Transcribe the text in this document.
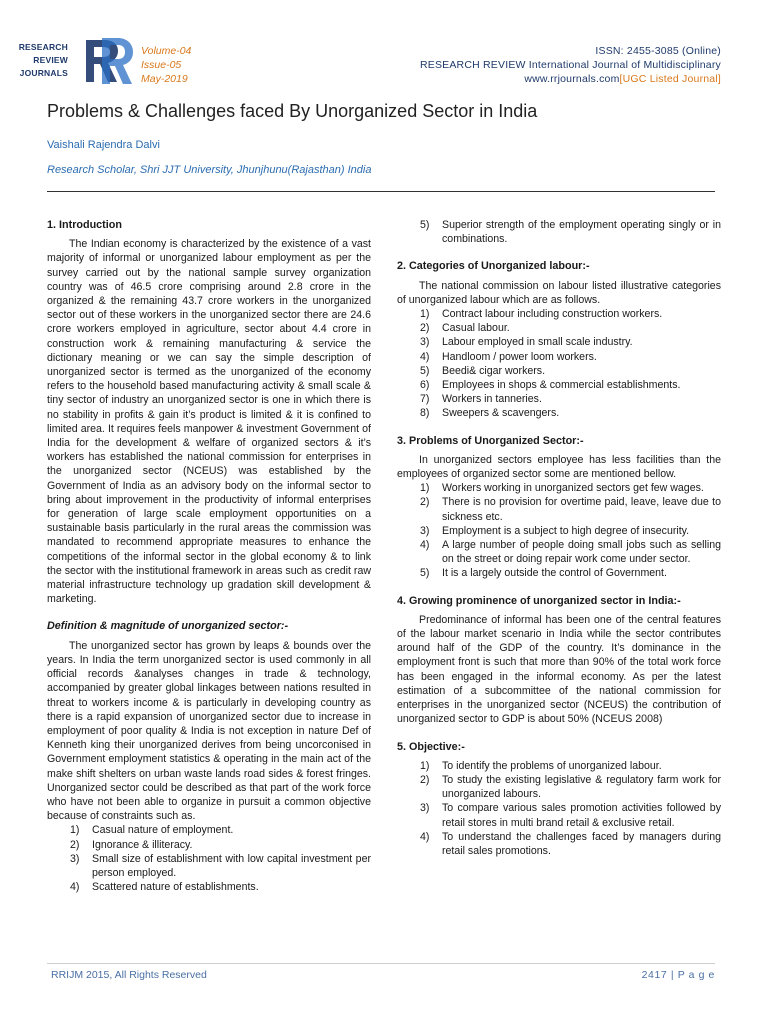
RESEARCH
REVIEW
JOURNALS
Volume-04
Issue-05
May-2019
ISSN: 2455-3085 (Online)
RESEARCH REVIEW International Journal of Multidisciplinary
www.rrjournals.com[UGC Listed Journal]
Problems & Challenges faced By Unorganized Sector in India
Vaishali Rajendra Dalvi
Research Scholar, Shri JJT University, Jhunjhunu(Rajasthan) India
1. Introduction

The Indian economy is characterized by the existence of a vast majority of informal or unorganized labour employment as per the survey carried out by the national sample survey organization country was of 46.5 crore comprising around 2.8 crore in the organized & the remaining 43.7 crore workers in the unorganized sector out of these workers in the unorganized sector there are 24.6 crore workers employed in agriculture, sector about 4.4 crore in construction work & remaining manufacturing & service the dictionary meaning or we can say the simple description of unorganized sector is termed as the unorganized of the economy refers to the household based manufacturing activity & small scale & tiny sector of industry an unorganized sector is one in which there is no stability in profits & gain it’s product is limited & it is confined to limited area. It requires feels manpower & investment Government of India for the development & welfare of organized sectors & it’s workers has established the national commission for enterprises in the unorganized sector (NCEUS) was established by the Government of India as an advisory body on the informal sector to bring about improvement in the productivity of informal enterprises for generation of large scale employment opportunities on a sustainable basis particularly in the rural areas the commission was mandated to recommend appropriate measures to enhance the competitions of the informal sector in the global economy & to link the sector with the institutional framework in areas such as credit raw material infrastructure technology up gradation skill development & marketing.

Definition & magnitude of unorganized sector:-

The unorganized sector has grown by leaps & bounds over the years. In India the term unorganized sector is used commonly in all official records &analyses changes in trade & technology, accompanied by greater global linkages between nations resulted in threat to workers income & is particularly in developing country as there is a rapid expansion of unorganized sector due to increase in employment of poor quality & India is not exception in nature Def of Kenneth king their unorganized derives from being uncorconised in Government employment statistics & operating in the main act of the make shift shelters on urban waste lands road sides & forest fringes. Unorganized sector could be described as that part of the work force who have not been able to organize in pursuit a common objective because of constraints such as.

1) Casual nature of employment.
2) Ignorance & illiteracy.
3) Small size of establishment with low capital investment per person employed.
4) Scattered nature of establishments.
5) Superior strength of the employment operating singly or in combinations.
2. Categories of Unorganized labour:-

The national commission on labour listed illustrative categories of unorganized labour which are as follows.

1) Contract labour including construction workers.
2) Casual labour.
3) Labour employed in small scale industry.
4) Handloom / power loom workers.
5) Beedi& cigar workers.
6) Employees in shops & commercial establishments.
7) Workers in tanneries.
8) Sweepers & scavengers.
3. Problems of Unorganized Sector:-

In unorganized sectors employee has less facilities than the employees of organized sector some are mentioned bellow.

1) Workers working in unorganized sectors get few wages.
2) There is no provision for overtime paid, leave, leave due to sickness etc.
3) Employment is a subject to high degree of insecurity.
4) A large number of people doing small jobs such as selling on the street or doing repair work come under sector.
5) It is a largely outside the control of Government.
4. Growing prominence of unorganized sector in India:-

Predominance of informal has been one of the central features of the labour market scenario in India while the sector contributes around half of the GDP of the country. It’s dominance in the employment front is such that more than 90% of the total work force has been engaged in the informal economy. As per the latest estimation of a subcommittee of the national commission for enterprises in the unorganized sector (NCEUS) the contribution of unorganized sector to GDP is about 50% (NCEUS 2008)

5. Objective:-
1) To identify the problems of unorganized labour.
2) To study the existing legislative & regulatory farm work for unorganized labours.
3) To compare various sales promotion activities followed by retail stores in multi brand retail & exclusive retail.
4) To understand the challenges faced by managers during retail sales promotions.
RRIJM 2015, All Rights Reserved	2417 | P a g e
